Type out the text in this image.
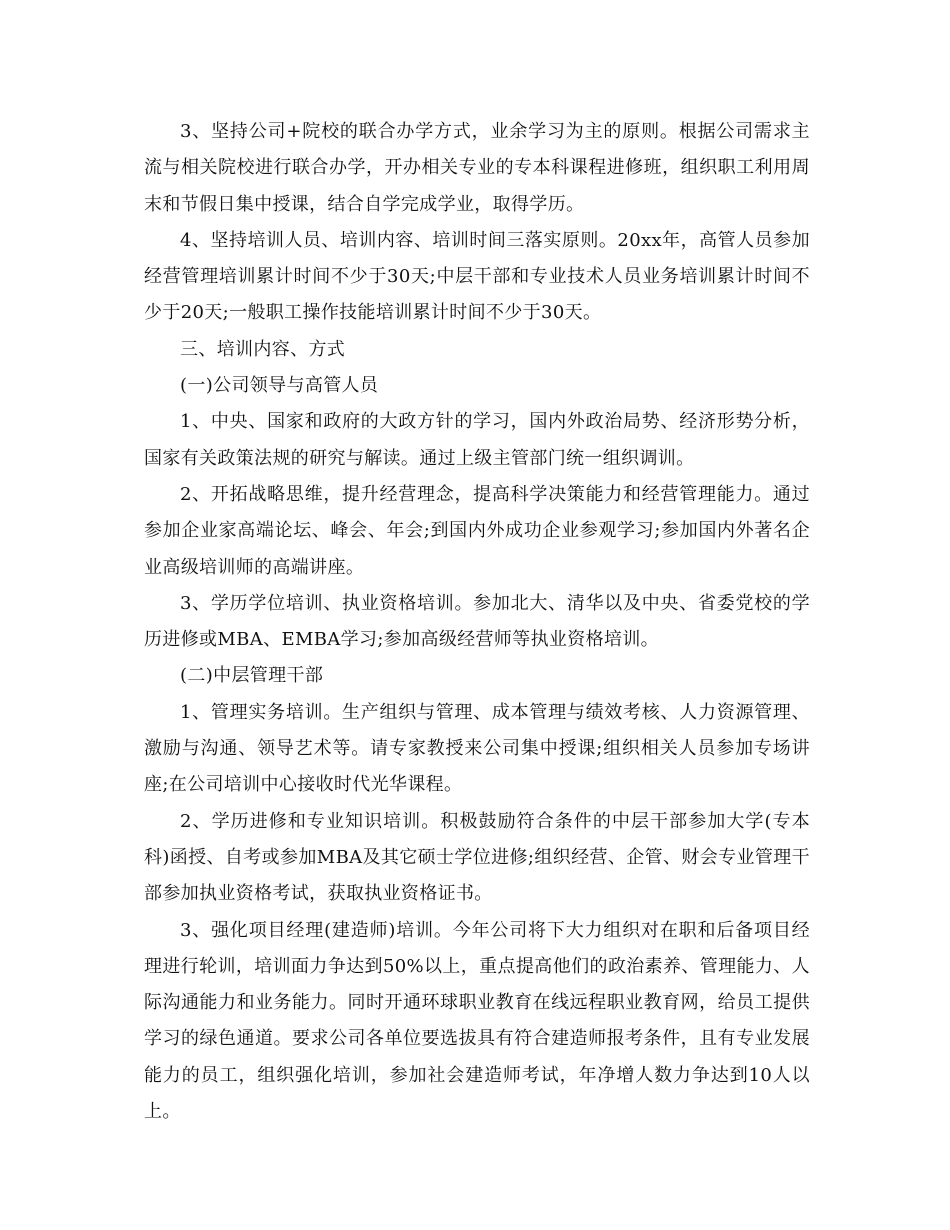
3、坚持公司+院校的联合办学方式，业余学习为主的原则。根据公司需求主流与相关院校进行联合办学，开办相关专业的专本科课程进修班，组织职工利用周末和节假日集中授课，结合自学完成学业，取得学历。

4、坚持培训人员、培训内容、培训时间三落实原则。20xx年，高管人员参加经营管理培训累计时间不少于30天;中层干部和专业技术人员业务培训累计时间不少于20天;一般职工操作技能培训累计时间不少于30天。

三、培训内容、方式

(一)公司领导与高管人员

1、中央、国家和政府的大政方针的学习，国内外政治局势、经济形势分析，国家有关政策法规的研究与解读。通过上级主管部门统一组织调训。

2、开拓战略思维，提升经营理念，提高科学决策能力和经营管理能力。通过参加企业家高端论坛、峰会、年会;到国内外成功企业参观学习;参加国内外著名企业高级培训师的高端讲座。

3、学历学位培训、执业资格培训。参加北大、清华以及中央、省委党校的学历进修或MBA、EMBA学习;参加高级经营师等执业资格培训。

(二)中层管理干部

1、管理实务培训。生产组织与管理、成本管理与绩效考核、人力资源管理、激励与沟通、领导艺术等。请专家教授来公司集中授课;组织相关人员参加专场讲座;在公司培训中心接收时代光华课程。

2、学历进修和专业知识培训。积极鼓励符合条件的中层干部参加大学(专本科)函授、自考或参加MBA及其它硕士学位进修;组织经营、企管、财会专业管理干部参加执业资格考试，获取执业资格证书。

3、强化项目经理(建造师)培训。今年公司将下大力组织对在职和后备项目经理进行轮训，培训面力争达到50%以上，重点提高他们的政治素养、管理能力、人际沟通能力和业务能力。同时开通环球职业教育在线远程职业教育网，给员工提供学习的绿色通道。要求公司各单位要选拔具有符合建造师报考条件，且有专业发展能力的员工，组织强化培训，参加社会建造师考试，年净增人数力争达到10人以上。
